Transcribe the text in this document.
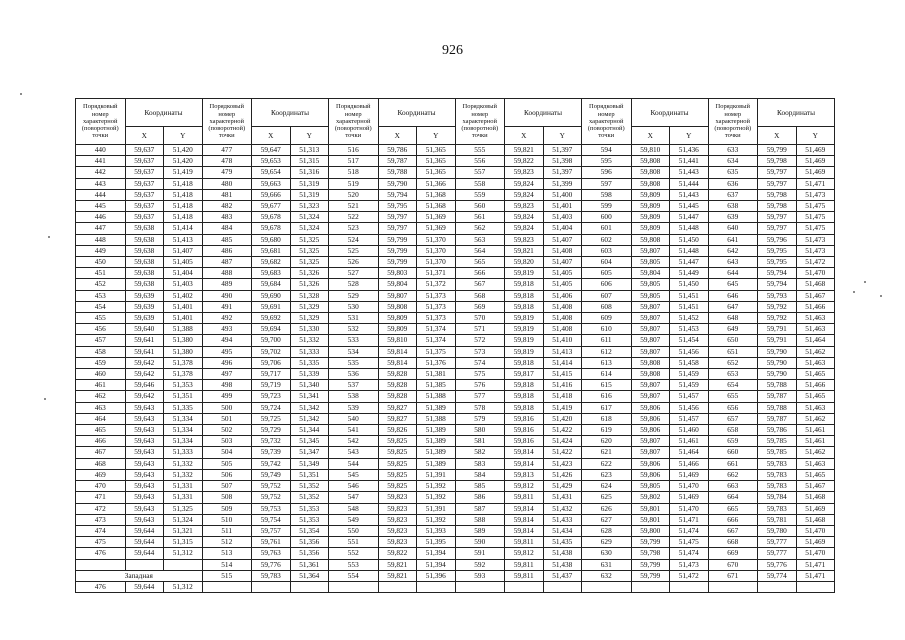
926
Порядковый номер характерной (поворотной) точки	Координаты		Порядковый номер характерной (поворотной) точки	Координаты		Порядковый номер характерной (поворотной) точки	Координаты		Порядковый номер характерной (поворотной) точки	Координаты		Порядковый номер характерной (поворотной) точки	Координаты		Порядковый номер характерной (поворотной) точки	Координаты	
	X	Y		X	Y		X	Y		X	Y		X	Y		X	Y
440	59,637	51,420	477	59,647	51,313	516	59,786	51,365	555	59,821	51,397	594	59,810	51,436	633	59,799	51,469
441	59,637	51,420	478	59,653	51,315	517	59,787	51,365	556	59,822	51,398	595	59,808	51,441	634	59,798	51,469
442	59,637	51,419	479	59,654	51,316	518	59,788	51,365	557	59,823	51,397	596	59,808	51,443	635	59,797	51,469
443	59,637	51,418	480	59,663	51,319	519	59,790	51,366	558	59,824	51,399	597	59,808	51,444	636	59,797	51,471
444	59,637	51,418	481	59,666	51,319	520	59,794	51,368	559	59,824	51,400	598	59,809	51,443	637	59,798	51,473
445	59,637	51,418	482	59,677	51,323	521	59,795	51,368	560	59,823	51,401	599	59,809	51,445	638	59,798	51,475
446	59,637	51,418	483	59,678	51,324	522	59,797	51,369	561	59,824	51,403	600	59,809	51,447	639	59,797	51,475
447	59,638	51,414	484	59,678	51,324	523	59,797	51,369	562	59,824	51,404	601	59,809	51,448	640	59,797	51,475
448	59,638	51,413	485	59,680	51,325	524	59,799	51,370	563	59,823	51,407	602	59,808	51,450	641	59,796	51,473
449	59,638	51,407	486	59,681	51,325	525	59,799	51,370	564	59,821	51,408	603	59,807	51,448	642	59,795	51,473
450	59,638	51,405	487	59,682	51,325	526	59,799	51,370	565	59,820	51,407	604	59,805	51,447	643	59,795	51,472
451	59,638	51,404	488	59,683	51,326	527	59,803	51,371	566	59,819	51,405	605	59,804	51,449	644	59,794	51,470
452	59,638	51,403	489	59,684	51,326	528	59,804	51,372	567	59,818	51,405	606	59,805	51,450	645	59,794	51,468
453	59,639	51,402	490	59,690	51,328	529	59,807	51,373	568	59,818	51,406	607	59,805	51,451	646	59,793	51,467
454	59,639	51,401	491	59,691	51,329	530	59,808	51,373	569	59,818	51,408	608	59,807	51,451	647	59,792	51,466
455	59,639	51,401	492	59,692	51,329	531	59,809	51,373	570	59,819	51,408	609	59,807	51,452	648	59,792	51,463
456	59,640	51,388	493	59,694	51,330	532	59,809	51,374	571	59,819	51,408	610	59,807	51,453	649	59,791	51,463
457	59,641	51,380	494	59,700	51,332	533	59,810	51,374	572	59,819	51,410	611	59,807	51,454	650	59,791	51,464
458	59,641	51,380	495	59,702	51,333	534	59,814	51,375	573	59,819	51,413	612	59,807	51,456	651	59,790	51,462
459	59,642	51,378	496	59,706	51,335	535	59,814	51,376	574	59,818	51,414	613	59,808	51,458	652	59,790	51,463
460	59,642	51,378	497	59,717	51,339	536	59,828	51,381	575	59,817	51,415	614	59,808	51,459	653	59,790	51,465
461	59,646	51,353	498	59,719	51,340	537	59,828	51,385	576	59,818	51,416	615	59,807	51,459	654	59,788	51,466
462	59,642	51,351	499	59,723	51,341	538	59,828	51,388	577	59,818	51,418	616	59,807	51,457	655	59,787	51,465
463	59,643	51,335	500	59,724	51,342	539	59,827	51,389	578	59,818	51,419	617	59,806	51,456	656	59,788	51,463
464	59,643	51,334	501	59,725	51,342	540	59,827	51,388	579	59,816	51,420	618	59,806	51,457	657	59,787	51,462
465	59,643	51,334	502	59,729	51,344	541	59,826	51,389	580	59,816	51,422	619	59,806	51,460	658	59,786	51,461
466	59,643	51,334	503	59,732	51,345	542	59,825	51,389	581	59,816	51,424	620	59,807	51,461	659	59,785	51,461
467	59,643	51,333	504	59,739	51,347	543	59,825	51,389	582	59,814	51,422	621	59,807	51,464	660	59,785	51,462
468	59,643	51,332	505	59,742	51,349	544	59,825	51,389	583	59,814	51,423	622	59,806	51,466	661	59,783	51,463
469	59,643	51,332	506	59,749	51,351	545	59,825	51,391	584	59,813	51,426	623	59,806	51,469	662	59,783	51,465
470	59,643	51,331	507	59,752	51,352	546	59,825	51,392	585	59,812	51,429	624	59,805	51,470	663	59,783	51,467
471	59,643	51,331	508	59,752	51,352	547	59,823	51,392	586	59,811	51,431	625	59,802	51,469	664	59,784	51,468
472	59,643	51,325	509	59,753	51,353	548	59,823	51,391	587	59,814	51,432	626	59,801	51,470	665	59,783	51,469
473	59,643	51,324	510	59,754	51,353	549	59,823	51,392	588	59,814	51,433	627	59,801	51,471	666	59,781	51,468
474	59,644	51,321	511	59,757	51,354	550	59,823	51,393	589	59,814	51,434	628	59,800	51,474	667	59,780	51,470
475	59,644	51,315	512	59,761	51,356	551	59,823	51,395	590	59,811	51,435	629	59,799	51,475	668	59,777	51,469
476	59,644	51,312	513	59,763	51,356	552	59,822	51,394	591	59,812	51,438	630	59,798	51,474	669	59,777	51,470
			514	59,776	51,361	553	59,821	51,394	592	59,811	51,438	631	59,799	51,473	670	59,776	51,471
Западная			515	59,783	51,364	554	59,821	51,396	593	59,811	51,437	632	59,799	51,472	671	59,774	51,471
476	59,644	51,312															
